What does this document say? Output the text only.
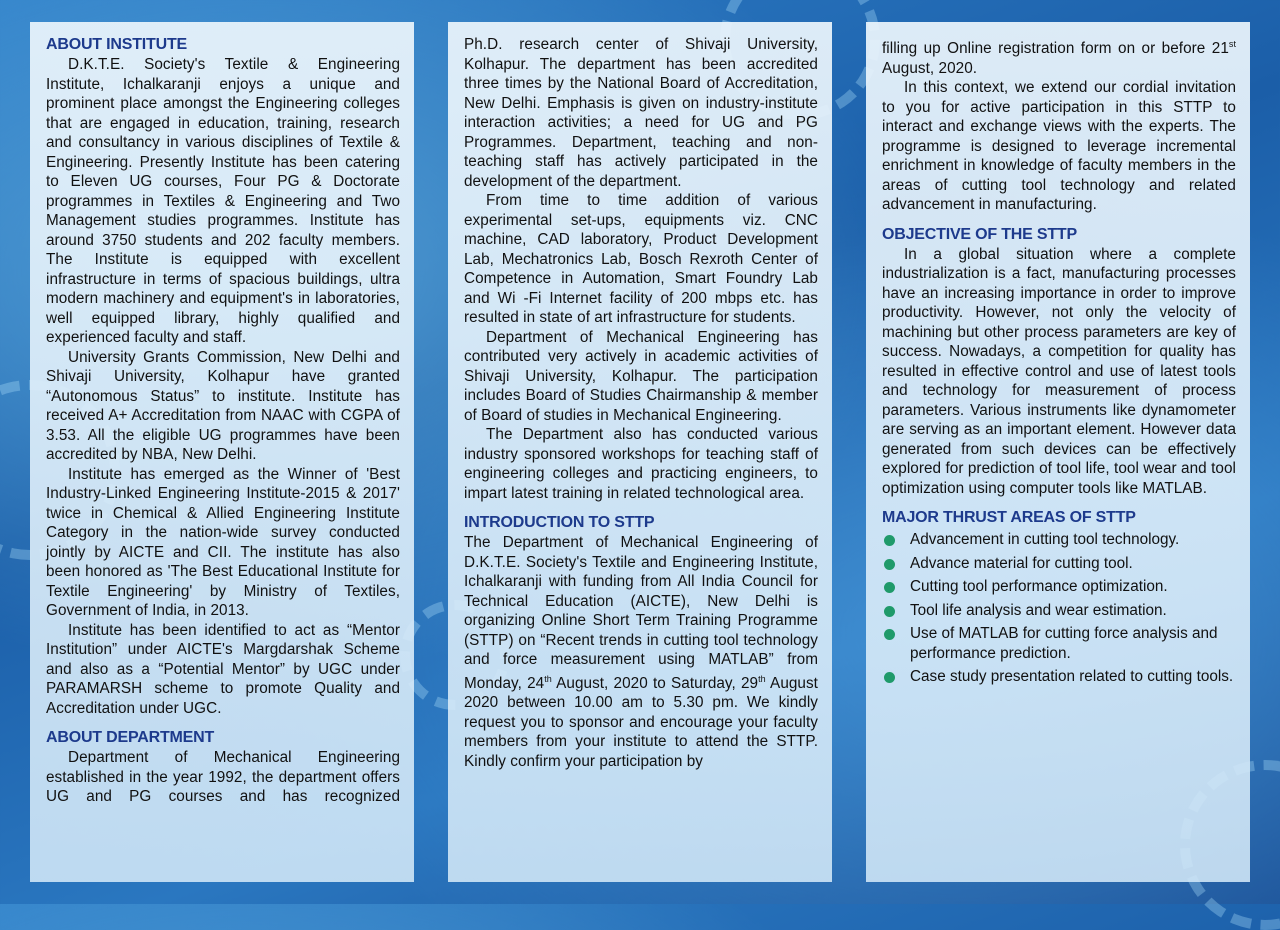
ABOUT INSTITUTE

D.K.T.E. Society's Textile & Engineering Institute, Ichalkaranji enjoys a unique and prominent place amongst the Engineering colleges that are engaged in education, training, research and consultancy in various disciplines of Textile & Engineering. Presently Institute has been catering to Eleven UG courses, Four PG & Doctorate programmes in Textiles & Engineering and Two Management studies programmes. Institute has around 3750 students and 202 faculty members. The Institute is equipped with excellent infrastructure in terms of spacious buildings, ultra modern machinery and equipment's in laboratories, well equipped library, highly qualified and experienced faculty and staff.

University Grants Commission, New Delhi and Shivaji University, Kolhapur have granted “Autonomous Status” to institute. Institute has received A+ Accreditation from NAAC with CGPA of 3.53. All the eligible UG programmes have been accredited by NBA, New Delhi.

Institute has emerged as the Winner of 'Best Industry-Linked Engineering Institute-2015 & 2017' twice in Chemical & Allied Engineering Institute Category in the nation-wide survey conducted jointly by AICTE and CII. The institute has also been honored as 'The Best Educational Institute for Textile Engineering' by Ministry of Textiles, Government of India, in 2013.

Institute has been identified to act as “Mentor Institution” under AICTE's Margdarshak Scheme and also as a “Potential Mentor” by UGC under PARAMARSH scheme to promote Quality and Accreditation under UGC.

ABOUT DEPARTMENT

Department of Mechanical Engineering established in the year 1992, the department offers UG and PG courses and has recognized

Ph.D. research center of Shivaji University, Kolhapur. The department has been accredited three times by the National Board of Accreditation, New Delhi. Emphasis is given on industry-institute interaction activities; a need for UG and PG Programmes. Department, teaching and non-teaching staff has actively participated in the development of the department.

From time to time addition of various experimental set-ups, equipments viz. CNC machine, CAD laboratory, Product Development Lab, Mechatronics Lab, Bosch Rexroth Center of Competence in Automation, Smart Foundry Lab and Wi -Fi Internet facility of 200 mbps etc. has resulted in state of art infrastructure for students.

Department of Mechanical Engineering has contributed very actively in academic activities of Shivaji University, Kolhapur. The participation includes Board of Studies Chairmanship & member of Board of studies in Mechanical Engineering.

The Department also has conducted various industry sponsored workshops for teaching staff of engineering colleges and practicing engineers, to impart latest training in related technological area.

INTRODUCTION TO STTP

The Department of Mechanical Engineering of D.K.T.E. Society's Textile and Engineering Institute, Ichalkaranji with funding from All India Council for Technical Education (AICTE), New Delhi is organizing Online Short Term Training Programme (STTP) on “Recent trends in cutting tool technology and force measurement using MATLAB” from Monday, 24th August, 2020 to Saturday, 29th August 2020 between 10.00 am to 5.30 pm. We kindly request you to sponsor and encourage your faculty members from your institute to attend the STTP. Kindly confirm your participation by

filling up Online registration form on or before 21st August, 2020.

In this context, we extend our cordial invitation to you for active participation in this STTP to interact and exchange views with the experts. The programme is designed to leverage incremental enrichment in knowledge of faculty members in the areas of cutting tool technology and related advancement in manufacturing.

OBJECTIVE OF THE STTP

In a global situation where a complete industrialization is a fact, manufacturing processes have an increasing importance in order to improve productivity. However, not only the velocity of machining but other process parameters are key of success. Nowadays, a competition for quality has resulted in effective control and use of latest tools and technology for measurement of process parameters. Various instruments like dynamometer are serving as an important element. However data generated from such devices can be effectively explored for prediction of tool life, tool wear and tool optimization using computer tools like MATLAB.

MAJOR THRUST AREAS OF STTP
Advancement in cutting tool technology.
Advance material for cutting tool.
Cutting tool performance optimization.
Tool life analysis and wear estimation.
Use of MATLAB for cutting force analysis and performance prediction.
Case study presentation related to cutting tools.
